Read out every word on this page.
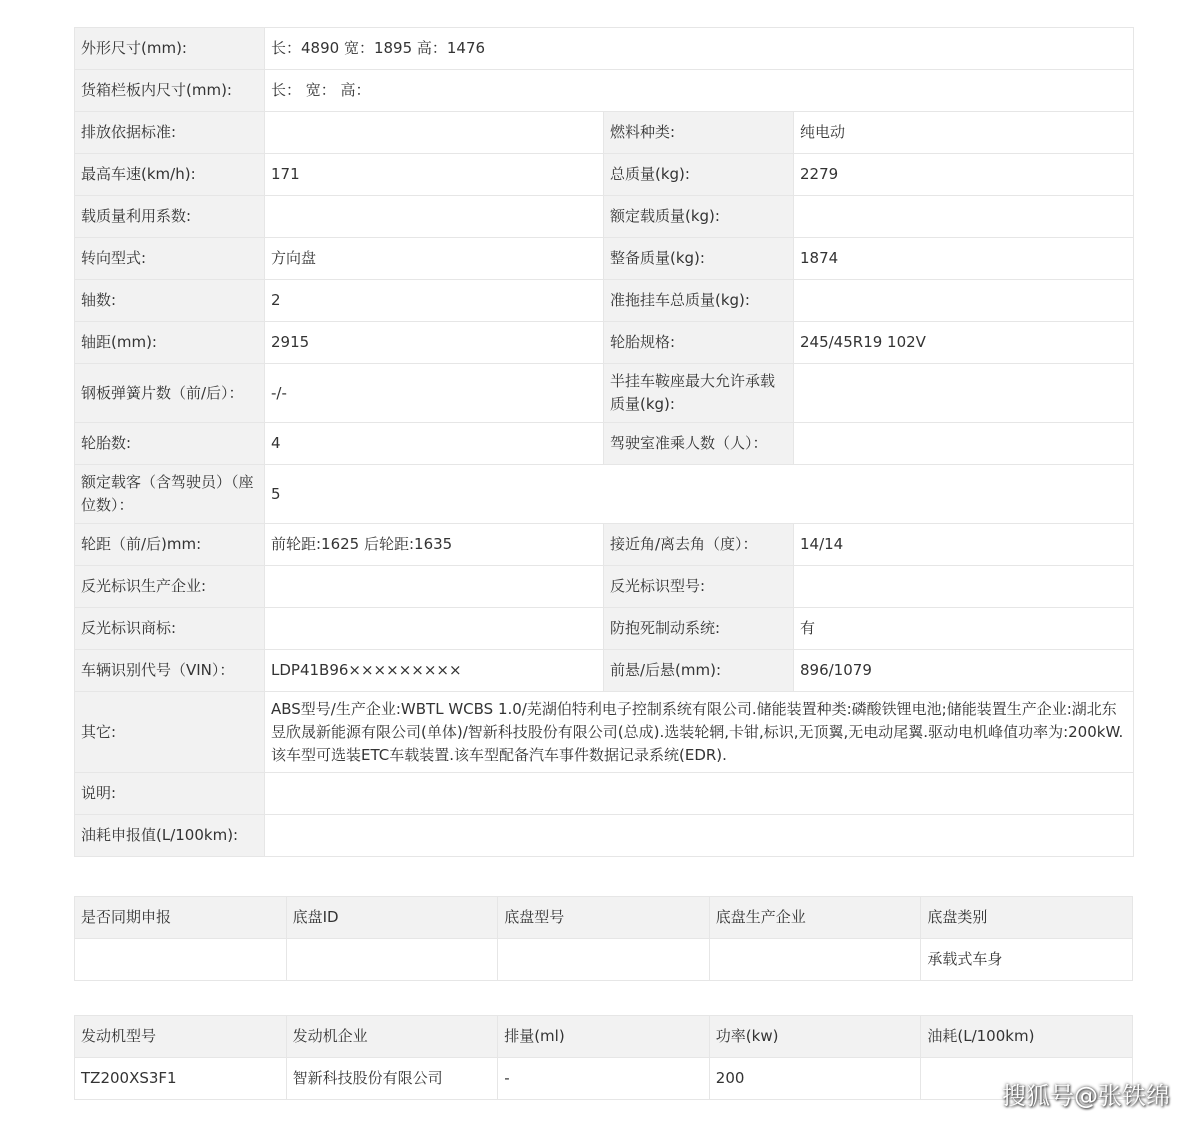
外形尺寸(mm):	长：4890 宽：1895 高：1476		
货箱栏板内尺寸(mm):	长： 宽： 高：		
排放依据标准:		燃料种类:	纯电动
最高车速(km/h):	171	总质量(kg):	2279
载质量利用系数:		额定载质量(kg):	
转向型式:	方向盘	整备质量(kg):	1874
轴数:	2	准拖挂车总质量(kg):	
轴距(mm):	2915	轮胎规格:	245/45R19 102V
钢板弹簧片数（前/后）：	-/-	半挂车鞍座最大允许承载质量(kg):	
轮胎数:	4	驾驶室准乘人数（人）：	
额定载客（含驾驶员）（座位数）：	5		
轮距（前/后)mm:	前轮距:1625 后轮距:1635	接近角/离去角（度）：	14/14
反光标识生产企业:		反光标识型号:	
反光标识商标:		防抱死制动系统:	有
车辆识别代号（VIN）：	LDP41B96×××××××××	前悬/后悬(mm):	896/1079
其它:	ABS型号/生产企业:WBTL WCBS 1.0/芜湖伯特利电子控制系统有限公司.储能装置种类:磷酸铁锂电池;储能装置生产企业:湖北东昱欣晟新能源有限公司(单体)/智新科技股份有限公司(总成).选装轮辋,卡钳,标识,无顶翼,无电动尾翼.驱动电机峰值功率为:200kW.该车型可选装ETC车载装置.该车型配备汽车事件数据记录系统(EDR).		
说明:			
油耗申报值(L/100km):			
是否同期申报	底盘ID	底盘型号	底盘生产企业	底盘类别
				承载式车身
发动机型号	发动机企业	排量(ml)	功率(kw)	油耗(L/100km)
TZ200XS3F1	智新科技股份有限公司	-	200	
搜狐号@张铁绵
